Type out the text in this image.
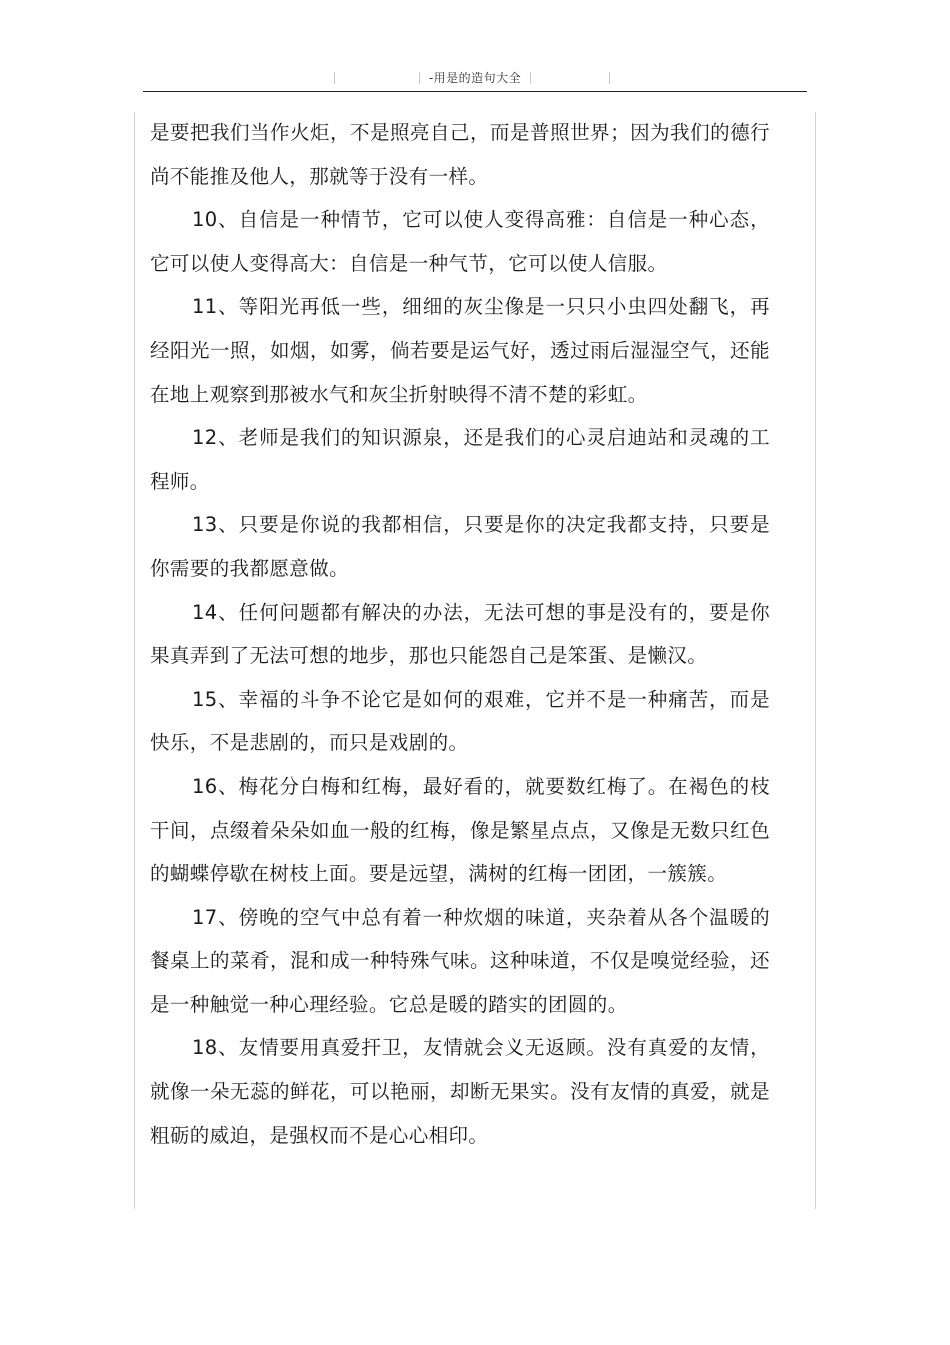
-用是的造句大全

是要把我们当作火炬，不是照亮自己，而是普照世界；因为我们的德行尚不能推及他人，那就等于没有一样。

10、自信是一种情节，它可以使人变得高雅：自信是一种心态，它可以使人变得高大：自信是一种气节，它可以使人信服。

11、等阳光再低一些，细细的灰尘像是一只只小虫四处翻飞，再经阳光一照，如烟，如雾，倘若要是运气好，透过雨后湿湿空气，还能在地上观察到那被水气和灰尘折射映得不清不楚的彩虹。

12、老师是我们的知识源泉，还是我们的心灵启迪站和灵魂的工程师。

13、只要是你说的我都相信，只要是你的决定我都支持，只要是你需要的我都愿意做。

14、任何问题都有解决的办法，无法可想的事是没有的，要是你果真弄到了无法可想的地步，那也只能怨自己是笨蛋、是懒汉。

15、幸福的斗争不论它是如何的艰难，它并不是一种痛苦，而是快乐，不是悲剧的，而只是戏剧的。

16、梅花分白梅和红梅，最好看的，就要数红梅了。在褐色的枝干间，点缀着朵朵如血一般的红梅，像是繁星点点，又像是无数只红色的蝴蝶停歇在树枝上面。要是远望，满树的红梅一团团，一簇簇。

17、傍晚的空气中总有着一种炊烟的味道，夹杂着从各个温暖的餐桌上的菜肴，混和成一种特殊气味。这种味道，不仅是嗅觉经验，还是一种触觉一种心理经验。它总是暖的踏实的团圆的。

18、友情要用真爱扞卫，友情就会义无返顾。没有真爱的友情，就像一朵无蕊的鲜花，可以艳丽，却断无果实。没有友情的真爱，就是粗砺的威迫，是强权而不是心心相印。
